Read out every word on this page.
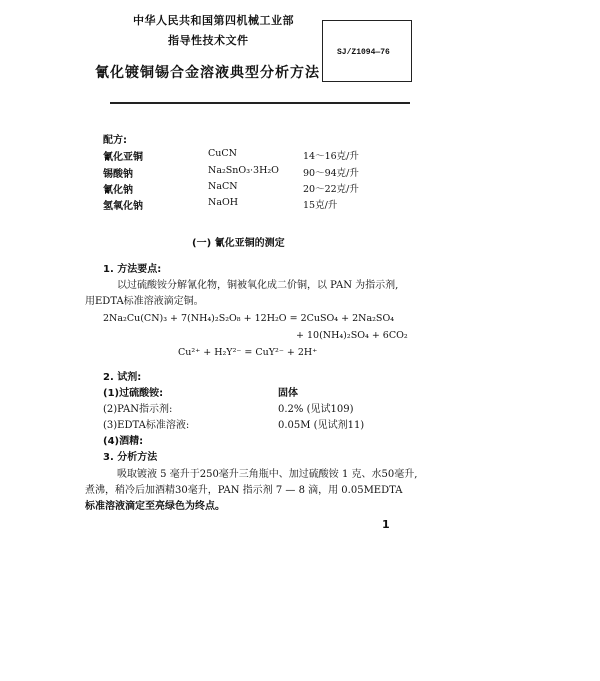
中华人民共和国第四机械工业部
指导性技术文件
氰化镀铜锡合金溶液典型分析方法
SJ/Z1094—76
配方:
氰化亚铜	CuCN	14～16克/升
锡酸钠	Na₂SnO₃·3H₂O	90～94克/升
氰化钠	NaCN	20～22克/升
氢氧化钠	NaOH	15克/升
(一) 氰化亚铜的测定
1. 方法要点:
以过硫酸铵分解氰化物，铜被氧化成二价铜，以 PAN 为指示剂,
用EDTA标准溶液滴定铜。
2Na₂Cu(CN)₃ + 7(NH₄)₂S₂O₈ + 12H₂O = 2CuSO₄ + 2Na₂SO₄
+ 10(NH₄)₂SO₄ + 6CO₂
Cu²⁺ + H₂Y²⁻ = CuY²⁻ + 2H⁺
2. 试剂:
(1)过硫酸铵:	固体
(2)PAN指示剂:	0.2% (见试109)
(3)EDTA标准溶液:	0.05M (见试剂11)
(4)酒精:
3. 分析方法
吸取镀液 5 毫升于250毫升三角瓶中、加过硫酸铵 1 克、水50毫升,
煮沸，稍冷后加酒精30毫升，PAN 指示剂 7 — 8 滴，用 0.05MEDTA
标准溶液滴定至亮绿色为终点。
1
